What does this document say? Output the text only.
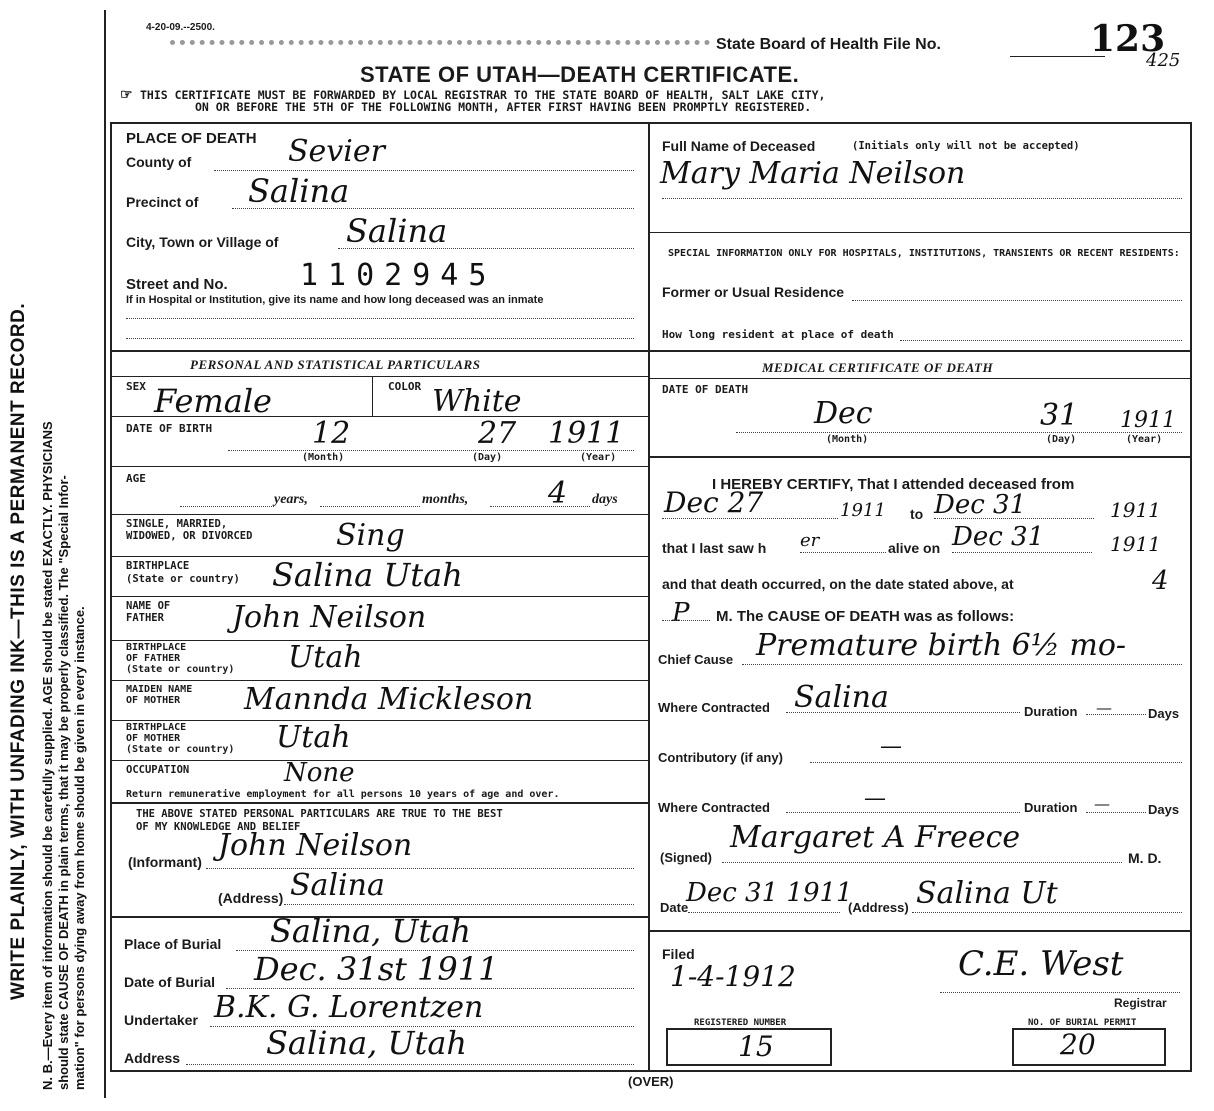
WRITE PLAINLY, WITH UNFADING INK—THIS IS A PERMANENT RECORD. N. B.—Every item of information should be carefully supplied. AGE should be stated EXACTLY. PHYSICIANS should state CAUSE OF DEATH in plain terms, that it may be properly classified. The "Special Infor- mation" for persons dying away from home should be given in every instance.
4-20-09.--2500.
State Board of Health File No.	123
425
STATE OF UTAH—DEATH CERTIFICATE.
☞ THIS CERTIFICATE MUST BE FORWARDED BY LOCAL REGISTRAR TO THE STATE BOARD OF HEALTH, SALT LAKE CITY,
ON OR BEFORE THE 5TH OF THE FOLLOWING MONTH, AFTER FIRST HAVING BEEN PROMPTLY REGISTERED.
PLACE OF DEATH
County of	Sevier
Precinct of Salina
City, Town or Village of Salina
Street and No. 1102945
If in Hospital or Institution, give its name and how long deceased was an inmate
Full Name of Deceased	(Initials only will not be accepted)
Mary Maria Neilson
SPECIAL INFORMATION ONLY FOR HOSPITALS, INSTITUTIONS, TRANSIENTS OR RECENT RESIDENTS:
Former or Usual Residence
How long resident at place of death
PERSONAL AND STATISTICAL PARTICULARS
SEX Female	COLOR White
DATE OF BIRTH	12	27 1911
(Month)	(Day)	(Year)
AGE
years,	months,	4 days
SINGLE, MARRIED,
WIDOWED, OR DIVORCED	Sing
BIRTHPLACE
(State or country) Salina Utah
NAME OF
FATHER John Neilson
BIRTHPLACE
OF FATHER
(State or country) Utah
MAIDEN NAME
OF MOTHER Mannda Mickleson
BIRTHPLACE
OF MOTHER
(State or country) Utah
OCCUPATION	None
Return remunerative employment for all persons 10 years of age and over.
THE ABOVE STATED PERSONAL PARTICULARS ARE TRUE TO THE BEST
OF MY KNOWLEDGE AND BELIEF
(Informant) John Neilson
(Address) Salina
Place of Burial Salina, Utah
Date of Burial Dec. 31st 1911
Undertaker B.K. G. Lorentzen
Address	Salina, Utah
MEDICAL CERTIFICATE OF DEATH
DATE OF DEATH
Dec	31 1911
(Month)	(Day)	(Year)
I HEREBY CERTIFY, That I attended deceased from
Dec 27	1911 to Dec 31	1911
that I last saw h er	alive on Dec 31	1911
and that death occurred, on the date stated above, at	4
P M. The CAUSE OF DEATH was as follows:
Chief Cause Premature birth 6½ mo-
Where Contracted Salina	Duration —	Days
Contributory (if any)	—
Where Contracted	—	Duration —	Days
(Signed)
Margaret A Freece
M. D.
Date
Dec 31 1911
(Address) Salina Ut
Filed
1-4-1912	C.E. West
Registrar
REGISTERED NUMBER
15
NO. OF BURIAL PERMIT
20
(OVER)
